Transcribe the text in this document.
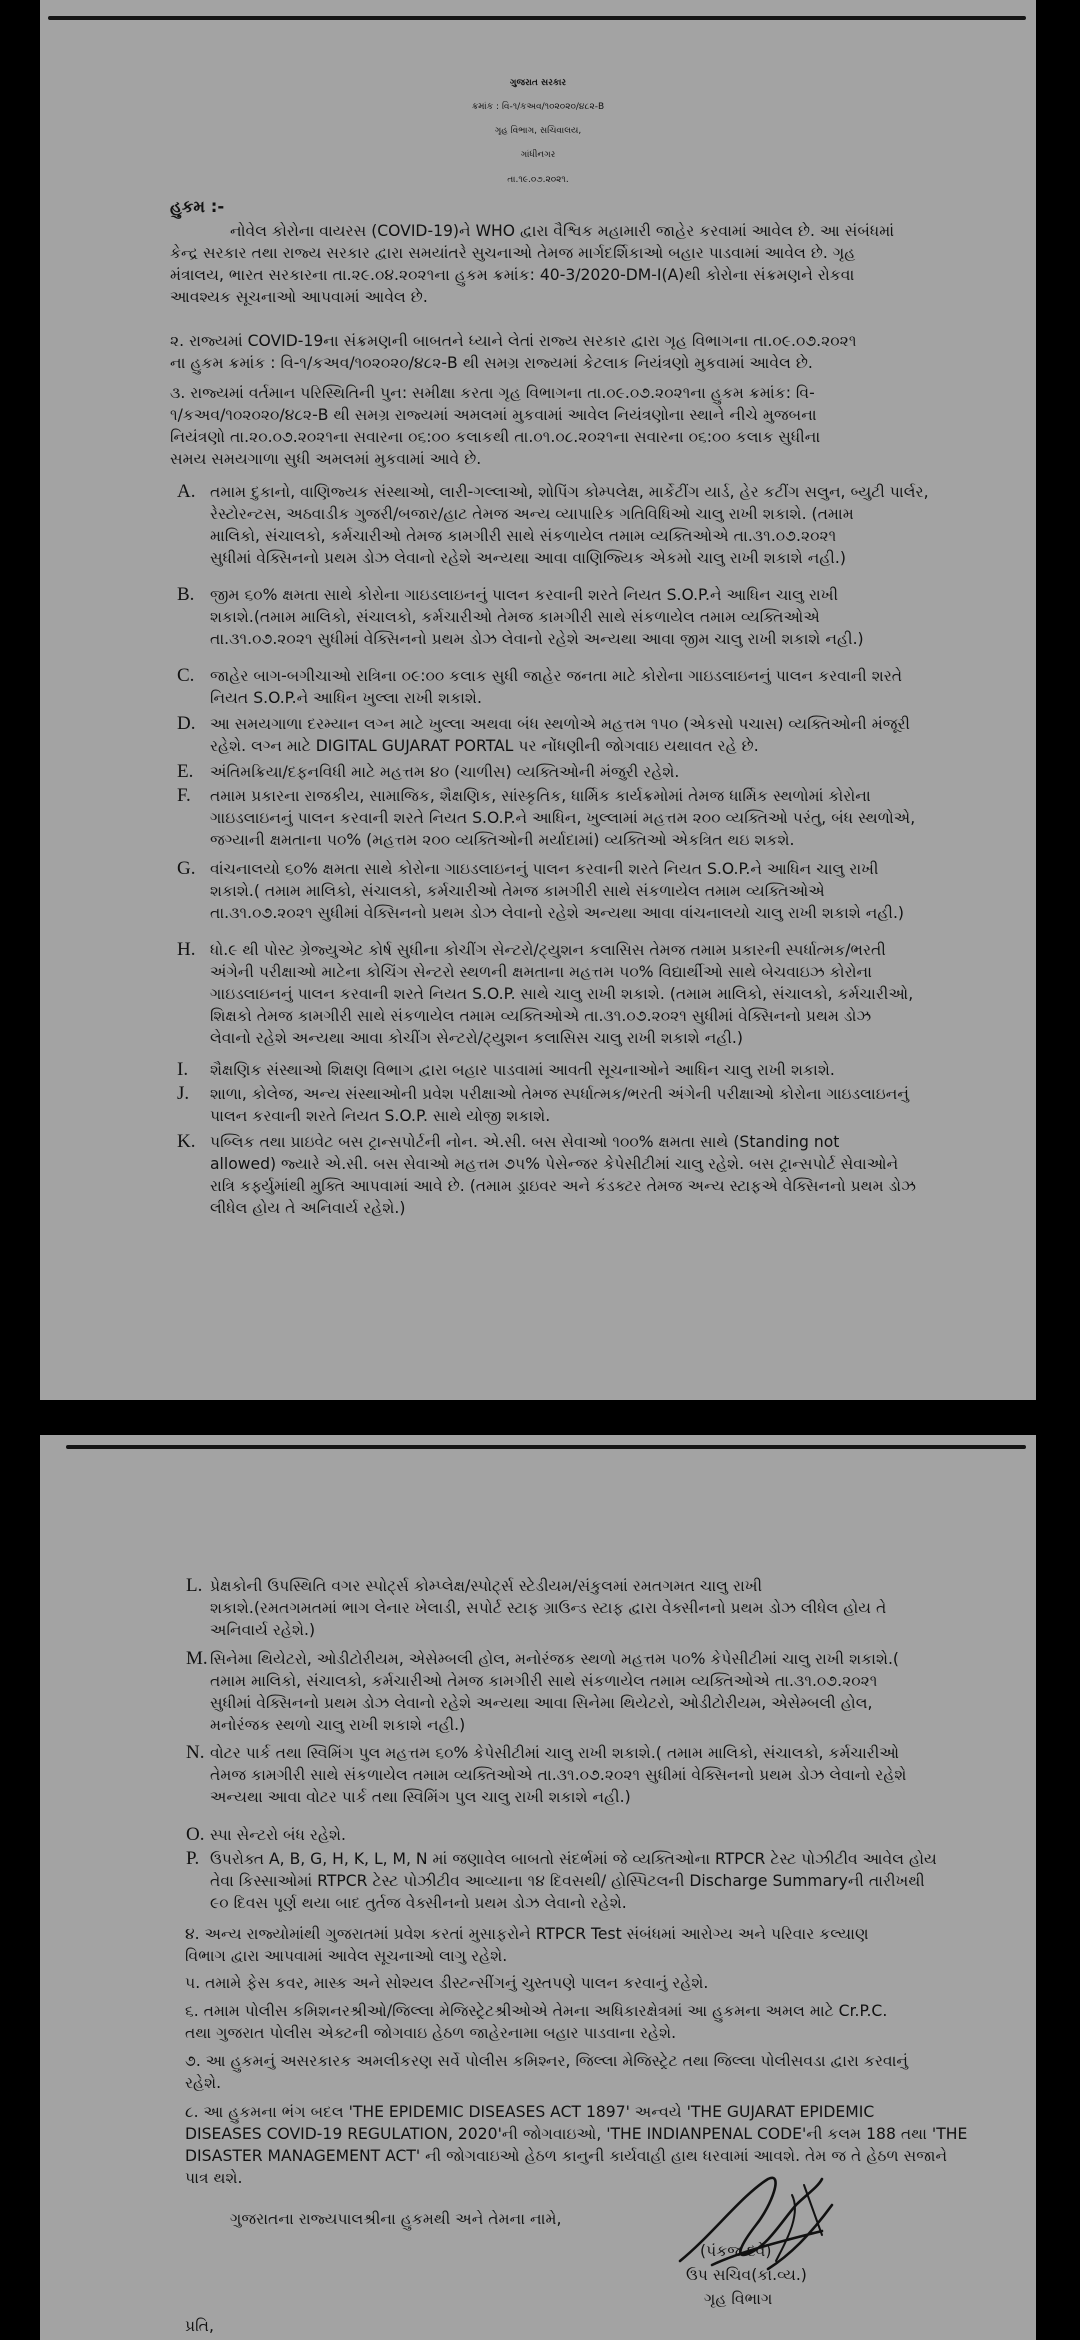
ગુજરાત સરકાર

ક્રમાંક : વિ-૧/કઅવ/૧૦૨૦૨૦/૪૮૨-B

ગૃહ વિભાગ, સચિવાલય,

ગાંધીનગર

તા.૧૯.૦૭.૨૦૨૧.

હુકમ :-

નોવેલ કોરોના વાયરસ (COVID-19)ને WHO દ્વારા વૈશ્વિક મહામારી જાહેર કરવામાં આવેલ છે. આ સંબંધમાં

કેન્દ્ર સરકાર તથા રાજ્ય સરકાર દ્વારા સમયાંતરે સુચનાઓ તેમજ માર્ગદર્શિકાઓ બહાર પાડવામાં આવેલ છે. ગૃહ

મંત્રાલય, ભારત સરકારના તા.૨૯.૦૪.૨૦૨૧ના હુકમ ક્રમાંક: 40-3/2020-DM-I(A)થી કોરોના સંક્રમણને રોકવા

આવશ્યક સૂચનાઓ આપવામાં આવેલ છે.

૨. રાજ્યમાં COVID-19ના સંક્રમણની બાબતને ધ્યાને લેતાં રાજ્ય સરકાર દ્વારા ગૃહ વિભાગના તા.૦૯.૦૭.૨૦૨૧

ના હુકમ ક્રમાંક : વિ-૧/કઅવ/૧૦૨૦૨૦/૪૮૨-B થી સમગ્ર રાજ્યમાં કેટલાક નિયંત્રણો મુકવામાં આવેલ છે.

૩. રાજ્યમાં વર્તમાન પરિસ્થિતિની પુન: સમીક્ષા કરતા ગૃહ વિભાગના તા.૦૯.૦૭.૨૦૨૧ના હુકમ ક્રમાંક: વિ-

૧/કઅવ/૧૦૨૦૨૦/૪૮૨-B થી સમગ્ર રાજ્યમાં અમલમાં મુકવામાં આવેલ નિયંત્રણોના સ્થાને નીચે મુજબના

નિયંત્રણો તા.૨૦.૦૭.૨૦૨૧ના સવારના ૦૬:૦૦ કલાકથી તા.૦૧.૦૮.૨૦૨૧ના સવારના ૦૬:૦૦ કલાક સુધીના

સમય સમયગાળા સુધી અમલમાં મુકવામાં આવે છે.

A. તમામ દુકાનો, વાણિજ્યક સંસ્થાઓ, લારી-ગલ્લાઓ, શોપિંગ કોમ્પલેક્ષ, માર્કેટીંગ યાર્ડ, હેર કટીંગ સલુન, બ્યુટી પાર્લર,

રેસ્ટોરન્ટસ, અઠવાડીક ગુજરી/બજાર/હાટ તેમજ અન્ય વ્યાપારિક ગતિવિધિઓ ચાલુ રાખી શકાશે. (તમામ

માલિકો, સંચાલકો, કર્મચારીઓ તેમજ કામગીરી સાથે સંકળાયેલ તમામ વ્યક્તિઓએ તા.૩૧.૦૭.૨૦૨૧

સુધીમાં વેક્સિનનો પ્રથમ ડોઝ લેવાનો રહેશે અન્યથા આવા વાણિજ્યિક એકમો ચાલુ રાખી શકાશે નહી.)

B. જીમ ૬૦% ક્ષમતા સાથે કોરોના ગાઇડલાઇનનું પાલન કરવાની શરતે નિયત S.O.P.ને આધિન ચાલુ રાખી

શકાશે.(તમામ માલિકો, સંચાલકો, કર્મચારીઓ તેમજ કામગીરી સાથે સંકળાયેલ તમામ વ્યક્તિઓએ

તા.૩૧.૦૭.૨૦૨૧ સુધીમાં વેક્સિનનો પ્રથમ ડોઝ લેવાનો રહેશે અન્યથા આવા જીમ ચાલુ રાખી શકાશે નહી.)

C. જાહેર બાગ-બગીચાઓ રાત્રિના ૦૯:૦૦ કલાક સુધી જાહેર જનતા માટે કોરોના ગાઇડલાઇનનું પાલન કરવાની શરતે

નિયત S.O.P.ને આધિન ખુલ્લા રાખી શકાશે.

D. આ સમયગાળા દરમ્યાન લગ્ન માટે ખુલ્લા અથવા બંધ સ્થળોએ મહત્તમ ૧૫૦ (એકસો પચાસ) વ્યક્તિઓની મંજૂરી

રહેશે. લગ્ન માટે DIGITAL GUJARAT PORTAL પર નોંધણીની જોગવાઇ યથાવત રહે છે.

E. અંતિમક્રિયા/દફનવિધી માટે મહત્તમ ૪૦ (ચાળીસ) વ્યક્તિઓની મંજુરી રહેશે.

F. તમામ પ્રકારના રાજકીય, સામાજિક, શૈક્ષણિક, સાંસ્કૃતિક, ધાર્મિક કાર્યક્રમોમાં તેમજ ધાર્મિક સ્થળોમાં કોરોના

ગાઇડલાઇનનું પાલન કરવાની શરતે નિયત S.O.P.ને આધિન, ખુલ્લામાં મહત્તમ ૨૦૦ વ્યક્તિઓ પરંતુ, બંધ સ્થળોએ,

જગ્યાની ક્ષમતાના ૫૦% (મહત્તમ ૨૦૦ વ્યક્તિઓની મર્યાદામાં) વ્યક્તિઓ એકત્રિત થઇ શકશે.

G. વાંચનાલયો ૬૦% ક્ષમતા સાથે કોરોના ગાઇડલાઇનનું પાલન કરવાની શરતે નિયત S.O.P.ને આધિન ચાલુ રાખી

શકાશે.( તમામ માલિકો, સંચાલકો, કર્મચારીઓ તેમજ કામગીરી સાથે સંકળાયેલ તમામ વ્યક્તિઓએ

તા.૩૧.૦૭.૨૦૨૧ સુધીમાં વેક્સિનનો પ્રથમ ડોઝ લેવાનો રહેશે અન્યથા આવા વાંચનાલયો ચાલુ રાખી શકાશે નહી.)

H. ધો.૯ થી પોસ્ટ ગ્રેજ્યુએટ કોર્ષ સુધીના કોચીંગ સેન્ટરો/ટ્યુશન કલાસિસ તેમજ તમામ પ્રકારની સ્પર્ધાત્મક/ભરતી

અંગેની પરીક્ષાઓ માટેના કોચિંગ સેન્ટરો સ્થળની ક્ષમતાના મહત્તમ ૫૦% વિદ્યાર્થીઓ સાથે બેચવાઇઝ કોરોના

ગાઇડલાઇનનું પાલન કરવાની શરતે નિયત S.O.P. સાથે ચાલુ રાખી શકાશે. (તમામ માલિકો, સંચાલકો, કર્મચારીઓ,

શિક્ષકો તેમજ કામગીરી સાથે સંકળાયેલ તમામ વ્યક્તિઓએ તા.૩૧.૦૭.૨૦૨૧ સુધીમાં વેક્સિનનો પ્રથમ ડોઝ

લેવાનો રહેશે અન્યથા આવા કોચીંગ સેન્ટરો/ટ્યુશન કલાસિસ ચાલુ રાખી શકાશે નહી.)

I. શૈક્ષણિક સંસ્થાઓ શિક્ષણ વિભાગ દ્વારા બહાર પાડવામાં આવતી સૂચનાઓને આધિન ચાલુ રાખી શકાશે.

J. શાળા, કોલેજ, અન્ય સંસ્થાઓની પ્રવેશ પરીક્ષાઓ તેમજ સ્પર્ધાત્મક/ભરતી અંગેની પરીક્ષાઓ કોરોના ગાઇડલાઇનનું

પાલન કરવાની શરતે નિયત S.O.P. સાથે યોજી શકાશે.

K. પબ્લિક તથા પ્રાઇવેટ બસ ટ્રાન્સપોર્ટની નોન. એ.સી. બસ સેવાઓ ૧૦૦% ક્ષમતા સાથે (Standing not

allowed) જ્યારે એ.સી. બસ સેવાઓ મહત્તમ ૭૫% પેસેન્જર કેપેસીટીમાં ચાલુ રહેશે. બસ ટ્રાન્સપોર્ટ સેવાઓને

રાત્રિ કર્ફ્યુમાંથી મુક્તિ આપવામાં આવે છે. (તમામ ડ્રાઇવર અને કંડક્ટર તેમજ અન્ય સ્ટાફએ વેક્સિનનો પ્રથમ ડોઝ

લીધેલ હોય તે અનિવાર્ય રહેશે.)

L. પ્રેક્ષકોની ઉપસ્થિતિ વગર સ્પોર્ટ્સ કોમ્પ્લેક્ષ/સ્પોર્ટ્સ સ્ટેડીયમ/સંકુલમાં રમતગમત ચાલુ રાખી

શકાશે.(રમતગમતમાં ભાગ લેનાર ખેલાડી, સપોર્ટ સ્ટાફ ગ્રાઉન્ડ સ્ટાફ દ્વારા વેક્સીનનો પ્રથમ ડોઝ લીધેલ હોય તે

અનિવાર્ય રહેશે.)

M. સિનેમા થિયેટરો, ઓડીટોરીયમ, એસેમ્બલી હોલ, મનોરંજક સ્થળો મહત્તમ ૫૦% કેપેસીટીમાં ચાલુ રાખી શકાશે.(

તમામ માલિકો, સંચાલકો, કર્મચારીઓ તેમજ કામગીરી સાથે સંકળાયેલ તમામ વ્યક્તિઓએ તા.૩૧.૦૭.૨૦૨૧

સુધીમાં વેક્સિનનો પ્રથમ ડોઝ લેવાનો રહેશે અન્યથા આવા સિનેમા થિયેટરો, ઓડીટોરીયમ, એસેમ્બલી હોલ,

મનોરંજક સ્થળો ચાલુ રાખી શકાશે નહી.)

N. વોટર પાર્ક તથા સ્વિમિંગ પુલ મહત્તમ ૬૦% કેપેસીટીમાં ચાલુ રાખી શકાશે.( તમામ માલિકો, સંચાલકો, કર્મચારીઓ

તેમજ કામગીરી સાથે સંકળાયેલ તમામ વ્યક્તિઓએ તા.૩૧.૦૭.૨૦૨૧ સુધીમાં વેક્સિનનો પ્રથમ ડોઝ લેવાનો રહેશે

અન્યથા આવા વોટર પાર્ક તથા સ્વિમિંગ પુલ ચાલુ રાખી શકાશે નહી.)

O. સ્પા સેન્ટરો બંધ રહેશે.

P. ઉપરોક્ત A, B, G, H, K, L, M, N માં જણાવેલ બાબતો સંદર્ભમાં જે વ્યક્તિઓના RTPCR ટેસ્ટ પોઝીટીવ આવેલ હોય

તેવા કિસ્સાઓમાં RTPCR ટેસ્ટ પોઝીટીવ આવ્યાના ૧૪ દિવસથી/ હોસ્પિટલની Discharge Summaryની તારીખથી

૯૦ દિવસ પૂર્ણ થયા બાદ તુર્તજ વેક્સીનનો પ્રથમ ડોઝ લેવાનો રહેશે.

૪. અન્ય રાજ્યોમાંથી ગુજરાતમાં પ્રવેશ કરતાં મુસાફરોને RTPCR Test સંબંધમાં આરોગ્ય અને પરિવાર કલ્યાણ

વિભાગ દ્વારા આપવામાં આવેલ સૂચનાઓ લાગુ રહેશે.

૫. તમામે ફેસ કવર, માસ્ક અને સોશ્યલ ડીસ્ટન્સીંગનું ચુસ્તપણે પાલન કરવાનું રહેશે.

૬. તમામ પોલીસ કમિશનરશ્રીઓ/જિલ્લા મેજિસ્ટ્રેટશ્રીઓએ તેમના અધિકારક્ષેત્રમાં આ હુકમના અમલ માટે Cr.P.C.

તથા ગુજરાત પોલીસ એક્ટની જોગવાઇ હેઠળ જાહેરનામા બહાર પાડવાના રહેશે.

૭. આ હુકમનું અસરકારક અમલીકરણ સર્વે પોલીસ કમિશ્નર, જિલ્લા મેજિસ્ટ્રેટ તથા જિલ્લા પોલીસવડા દ્વારા કરવાનું

રહેશે.

૮. આ હુકમના ભંગ બદલ 'THE EPIDEMIC DISEASES ACT 1897' અન્વયે 'THE GUJARAT EPIDEMIC

DISEASES COVID-19 REGULATION, 2020'ની જોગવાઇઓ, 'THE INDIANPENAL CODE'ની કલમ 188 તથા 'THE

DISASTER MANAGEMENT ACT' ની જોગવાઇઓ હેઠળ કાનુની કાર્યવાહી હાથ ધરવામાં આવશે. તેમ જ તે હેઠળ સજાને

પાત્ર થશે.

ગુજરાતના રાજ્યપાલશ્રીના હુકમથી અને તેમના નામે,

(પંકજ દવે)

ઉપ સચિવ(કા.વ્ય.)

ગૃહ વિભાગ

પ્રતિ,
